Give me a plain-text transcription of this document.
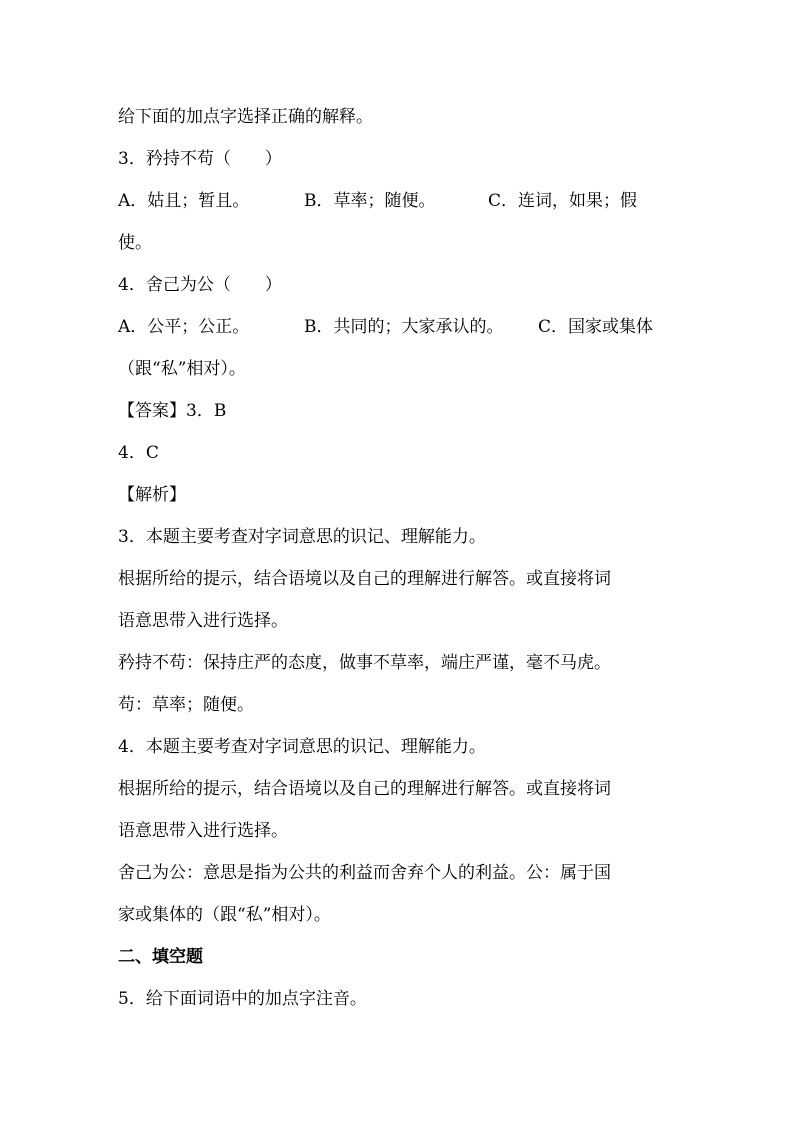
给下面的加点字选择正确的解释。
3．矜持不苟（　　）
A．姑且；暂且。	B．草率；随便。	C．连词，如果；假
使。
4．舍己为公（　　）
A．公平；公正。	B．共同的；大家承认的。 C．国家或集体
（跟“私”相对）。
【答案】3．B
4．C
【解析】
3．本题主要考查对字词意思的识记、理解能力。
根据所给的提示，结合语境以及自己的理解进行解答。或直接将词
语意思带入进行选择。
矜持不苟：保持庄严的态度，做事不草率，端庄严谨，毫不马虎。
苟：草率；随便。
4．本题主要考查对字词意思的识记、理解能力。
根据所给的提示，结合语境以及自己的理解进行解答。或直接将词
语意思带入进行选择。
舍己为公：意思是指为公共的利益而舍弃个人的利益。公：属于国
家或集体的（跟“私”相对）。
二、填空题
5．给下面词语中的加点字注音。
